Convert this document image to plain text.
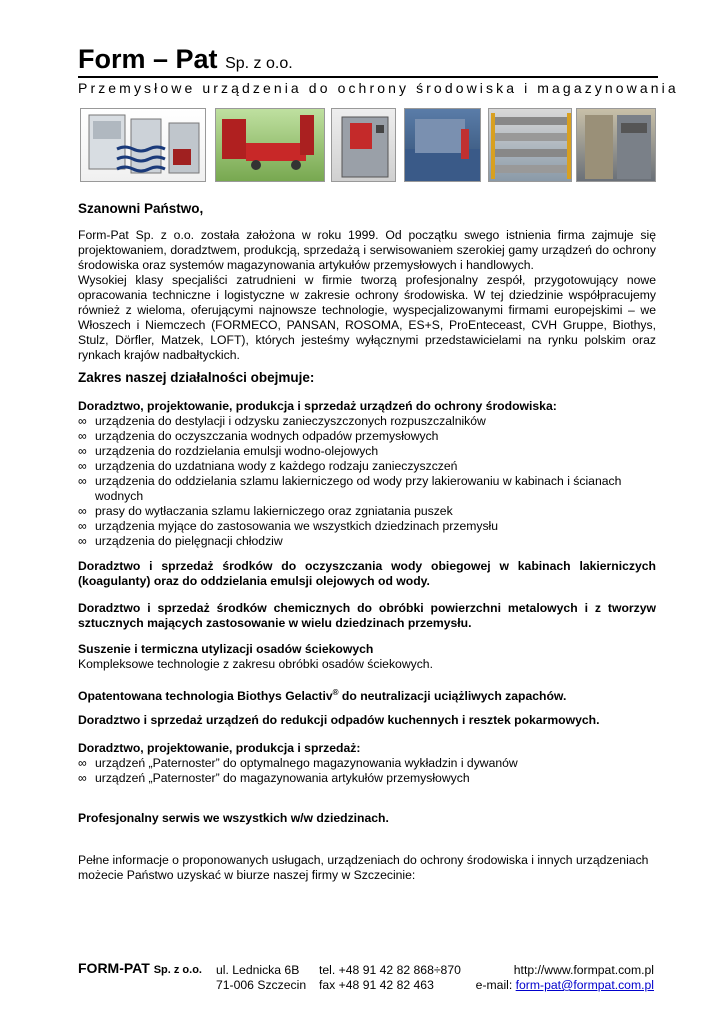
Form – Pat Sp. z o.o.
Przemysłowe urządzenia do ochrony środowiska i magazynowania
Szanowni Państwo,
Form-Pat Sp. z o.o. została założona w roku 1999. Od początku swego istnienia firma zajmuje się projektowaniem, doradztwem, produkcją, sprzedażą i serwisowaniem szerokiej gamy urządzeń do ochrony środowiska oraz systemów magazynowania artykułów przemysłowych i handlowych.
Wysokiej klasy specjaliści zatrudnieni w firmie tworzą profesjonalny zespół, przygotowujący nowe opracowania techniczne i logistyczne w zakresie ochrony środowiska. W tej dziedzinie współpracujemy również z wieloma, oferującymi najnowsze technologie, wyspecjalizowanymi firmami europejskimi – we Włoszech i Niemczech (FORMECO, PANSAN, ROSOMA, ES+S, ProEnteceast, CVH Gruppe, Biothys, Stulz, Dörfler, Matzek, LOFT), których jesteśmy wyłącznymi przedstawicielami na rynku polskim oraz rynkach krajów nadbałtyckich.
Zakres naszej działalności obejmuje:
Doradztwo, projektowanie, produkcja i sprzedaż urządzeń do ochrony środowiska:
∞ urządzenia do destylacji i odzysku zanieczyszczonych rozpuszczalników
∞ urządzenia do oczyszczania wodnych odpadów przemysłowych
∞ urządzenia do rozdzielania emulsji wodno-olejowych
∞ urządzenia do uzdatniana wody z każdego rodzaju zanieczyszczeń
∞ urządzenia do oddzielania szlamu lakierniczego od wody przy lakierowaniu w kabinach i ścianach wodnych
∞ prasy do wytłaczania szlamu lakierniczego oraz zgniatania puszek
∞ urządzenia myjące do zastosowania we wszystkich dziedzinach przemysłu
∞ urządzenia do pielęgnacji chłodziw
Doradztwo i sprzedaż środków do oczyszczania wody obiegowej w kabinach lakierniczych (koagulanty) oraz do oddzielania emulsji olejowych od wody.
Doradztwo i sprzedaż środków chemicznych do obróbki powierzchni metalowych i z tworzyw sztucznych mających zastosowanie w wielu dziedzinach przemysłu.
Suszenie i termiczna utylizacji osadów ściekowych
Kompleksowe technologie z zakresu obróbki osadów ściekowych.
Opatentowana technologia Biothys Gelactiv® do neutralizacji uciążliwych zapachów.
Doradztwo i sprzedaż urządzeń do redukcji odpadów kuchennych i resztek pokarmowych.
Doradztwo, projektowanie, produkcja i sprzedaż:
∞ urządzeń „Paternoster” do optymalnego magazynowania wykładzin i dywanów
∞ urządzeń „Paternoster” do magazynowania artykułów przemysłowych
Profesjonalny serwis we wszystkich w/w dziedzinach.
Pełne informacje o proponowanych usługach, urządzeniach do ochrony środowiska i innych urządzeniach możecie Państwo uzyskać w biurze naszej firmy w Szczecinie:
FORM-PAT Sp. z o.o. ul. Lednicka 6B
71-006 Szczecin
tel. +48 91 42 82 868÷870
fax +48 91 42 82 463
http://www.formpat.com.pl
e-mail: form-pat@formpat.com.pl
